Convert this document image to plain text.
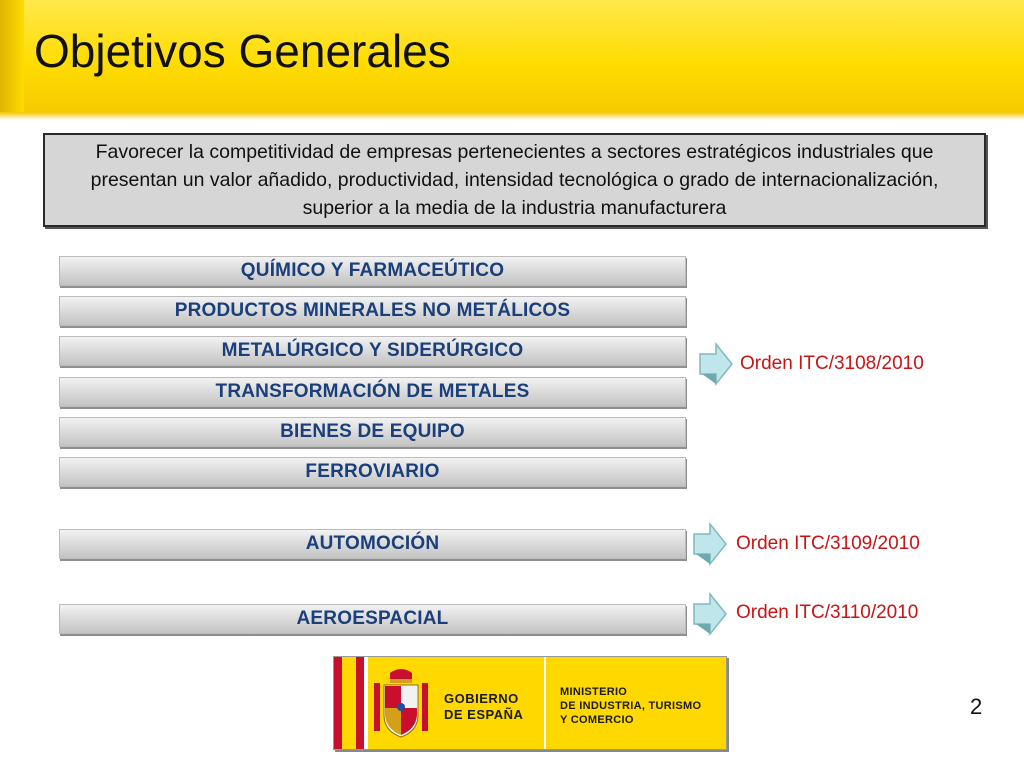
Objetivos Generales
Favorecer la competitividad de empresas pertenecientes a sectores estratégicos industriales que presentan un valor añadido, productividad, intensidad tecnológica o grado de internacionalización, superior a la media de la industria manufacturera
QUÍMICO Y FARMACEÚTICO
PRODUCTOS MINERALES NO METÁLICOS
METALÚRGICO Y SIDERÚRGICO
TRANSFORMACIÓN DE METALES
BIENES DE EQUIPO
FERROVIARIO
AUTOMOCIÓN
AEROESPACIAL
Orden ITC/3108/2010
Orden ITC/3109/2010
Orden ITC/3110/2010
GOBIERNO
DE ESPAÑA
MINISTERIO
DE INDUSTRIA, TURISMO
Y COMERCIO
2
